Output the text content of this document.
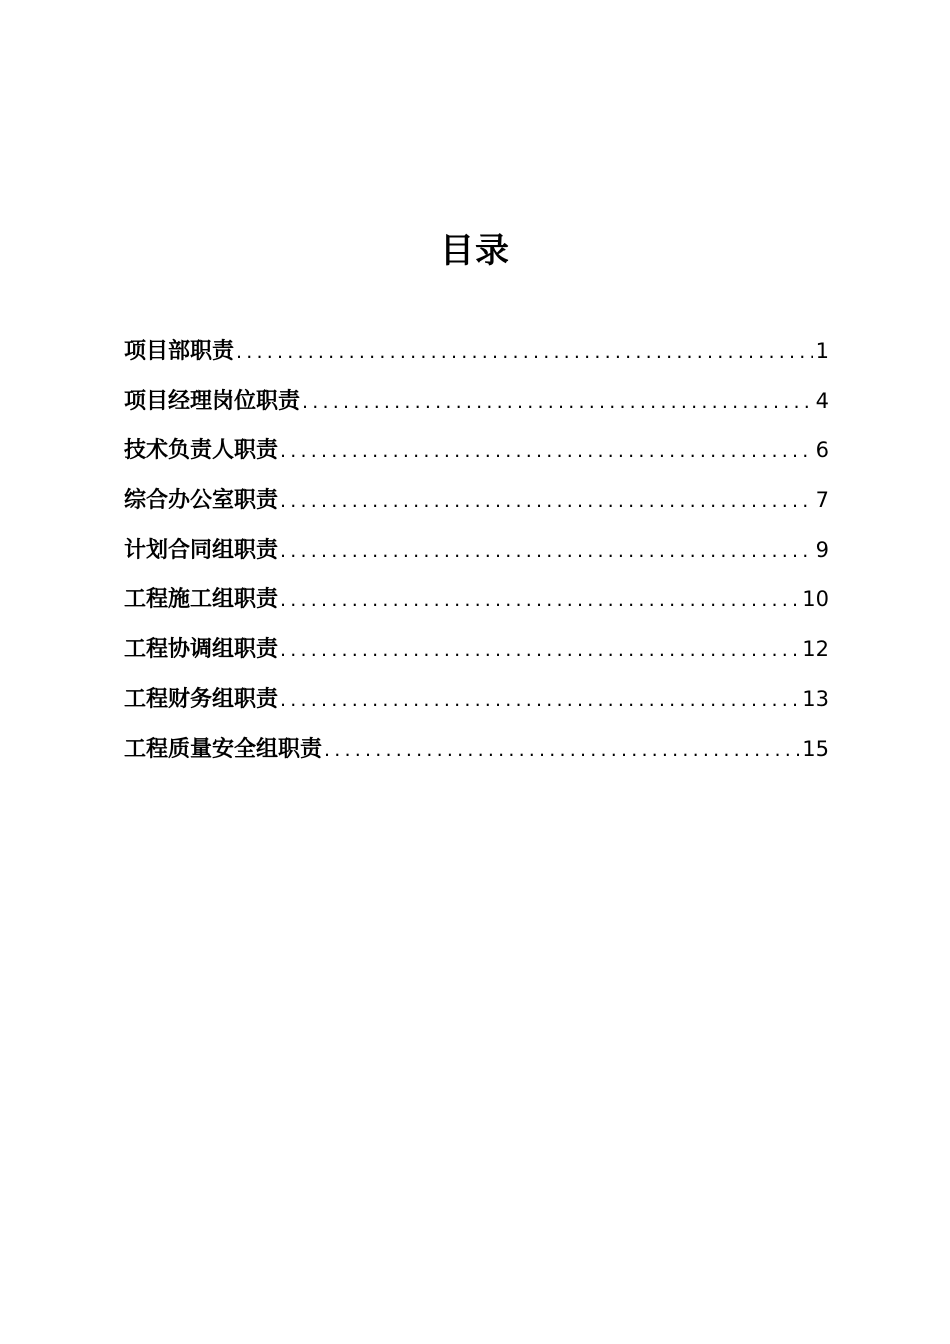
目录
项目部职责 .....	1
项目经理岗位职责 .....	4
技术负责人职责 .....	6
综合办公室职责 .....	7
计划合同组职责 .....	9
工程施工组职责 .....	10
工程协调组职责 .....	12
工程财务组职责 .....	13
工程质量安全组职责 .....	15
